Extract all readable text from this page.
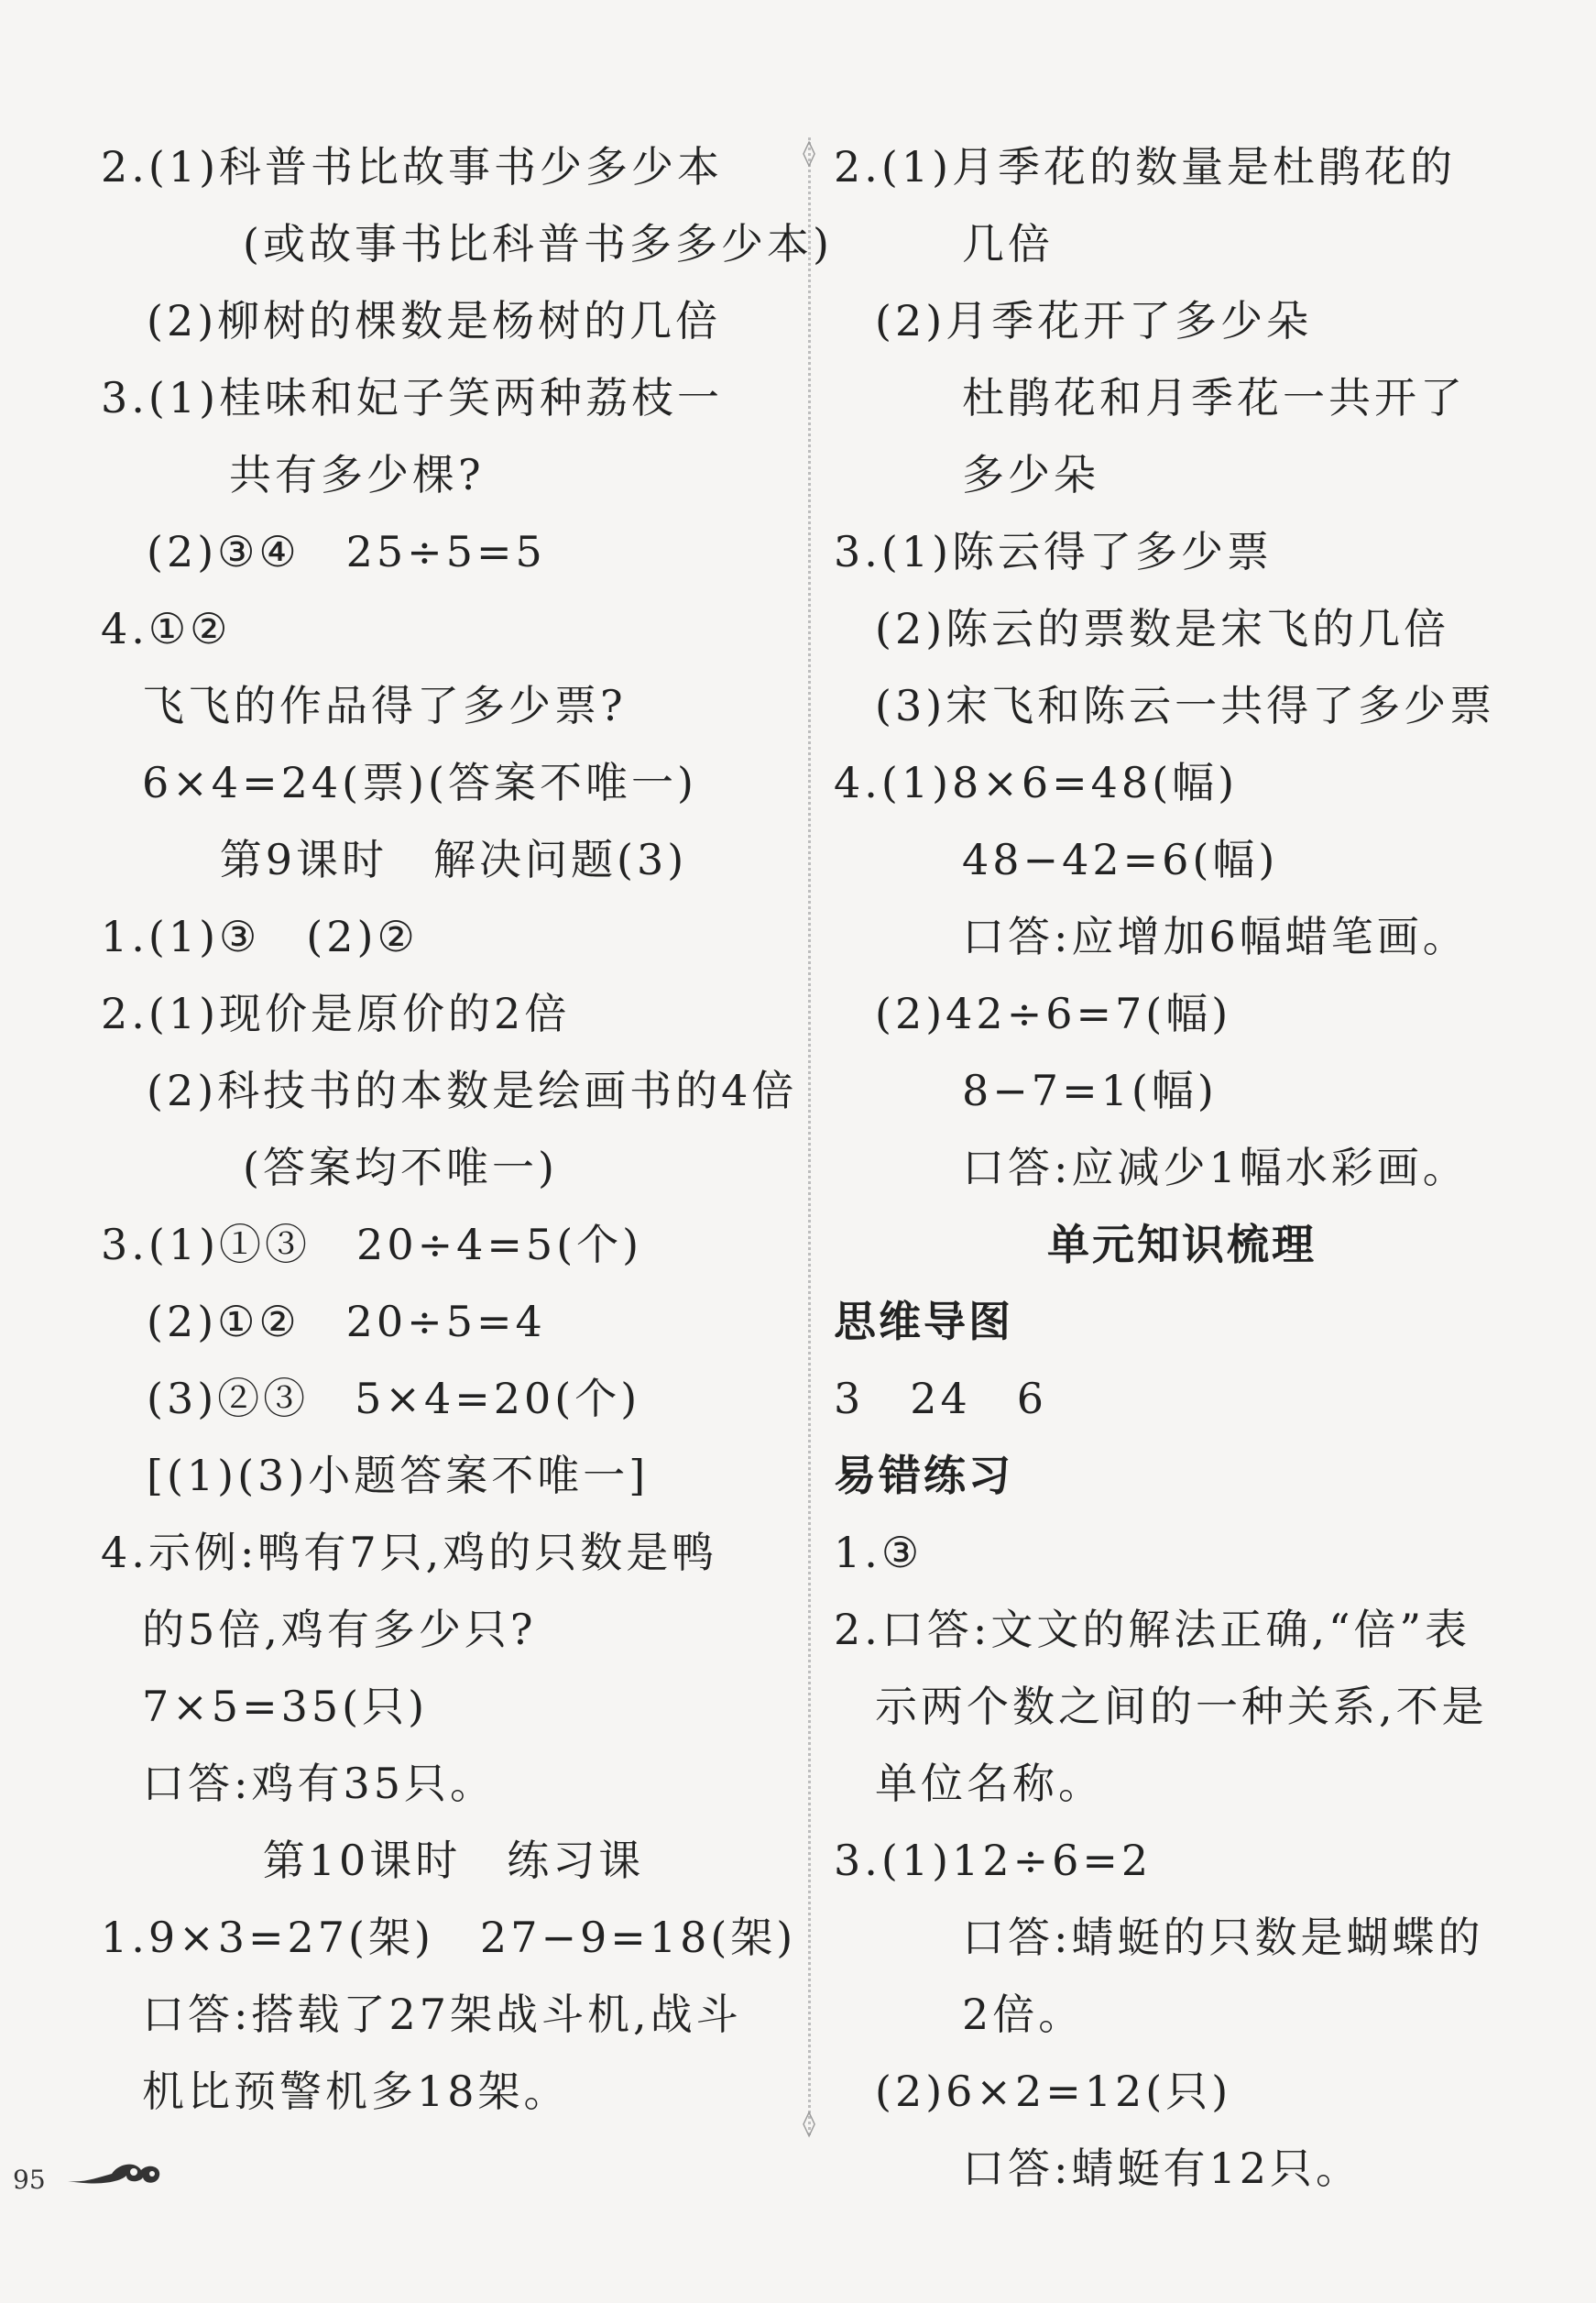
2.(1)科普书比故事书少多少本
(或故事书比科普书多多少本)
(2)柳树的棵数是杨树的几倍
3.(1)桂味和妃子笑两种荔枝一
共有多少棵?
(2)③④　25÷5=5
4.①②
飞飞的作品得了多少票?
6×4=24(票)(答案不唯一)
第9课时　解决问题(3)
1.(1)③　(2)②
2.(1)现价是原价的2倍
(2)科技书的本数是绘画书的4倍
(答案均不唯一)
3.(1)①③　20÷4=5(个)
(2)①②　20÷5=4
(3)②③　5×4=20(个)
[(1)(3)小题答案不唯一]
4.示例:鸭有7只,鸡的只数是鸭
的5倍,鸡有多少只?
7×5=35(只)
口答:鸡有35只。
第10课时　练习课
1.9×3=27(架)　27−9=18(架)
口答:搭载了27架战斗机,战斗
机比预警机多18架。
◊
◊
2.(1)月季花的数量是杜鹃花的
几倍
(2)月季花开了多少朵
杜鹃花和月季花一共开了
多少朵
3.(1)陈云得了多少票
(2)陈云的票数是宋飞的几倍
(3)宋飞和陈云一共得了多少票
4.(1)8×6=48(幅)
48−42=6(幅)
口答:应增加6幅蜡笔画。
(2)42÷6=7(幅)
8−7=1(幅)
口答:应减少1幅水彩画。
单元知识梳理
思维导图
3　24　6
易错练习
1.③
2.口答:文文的解法正确,“倍”表
示两个数之间的一种关系,不是
单位名称。
3.(1)12÷6=2
口答:蜻蜓的只数是蝴蝶的
2倍。
(2)6×2=12(只)
口答:蜻蜓有12只。
95
